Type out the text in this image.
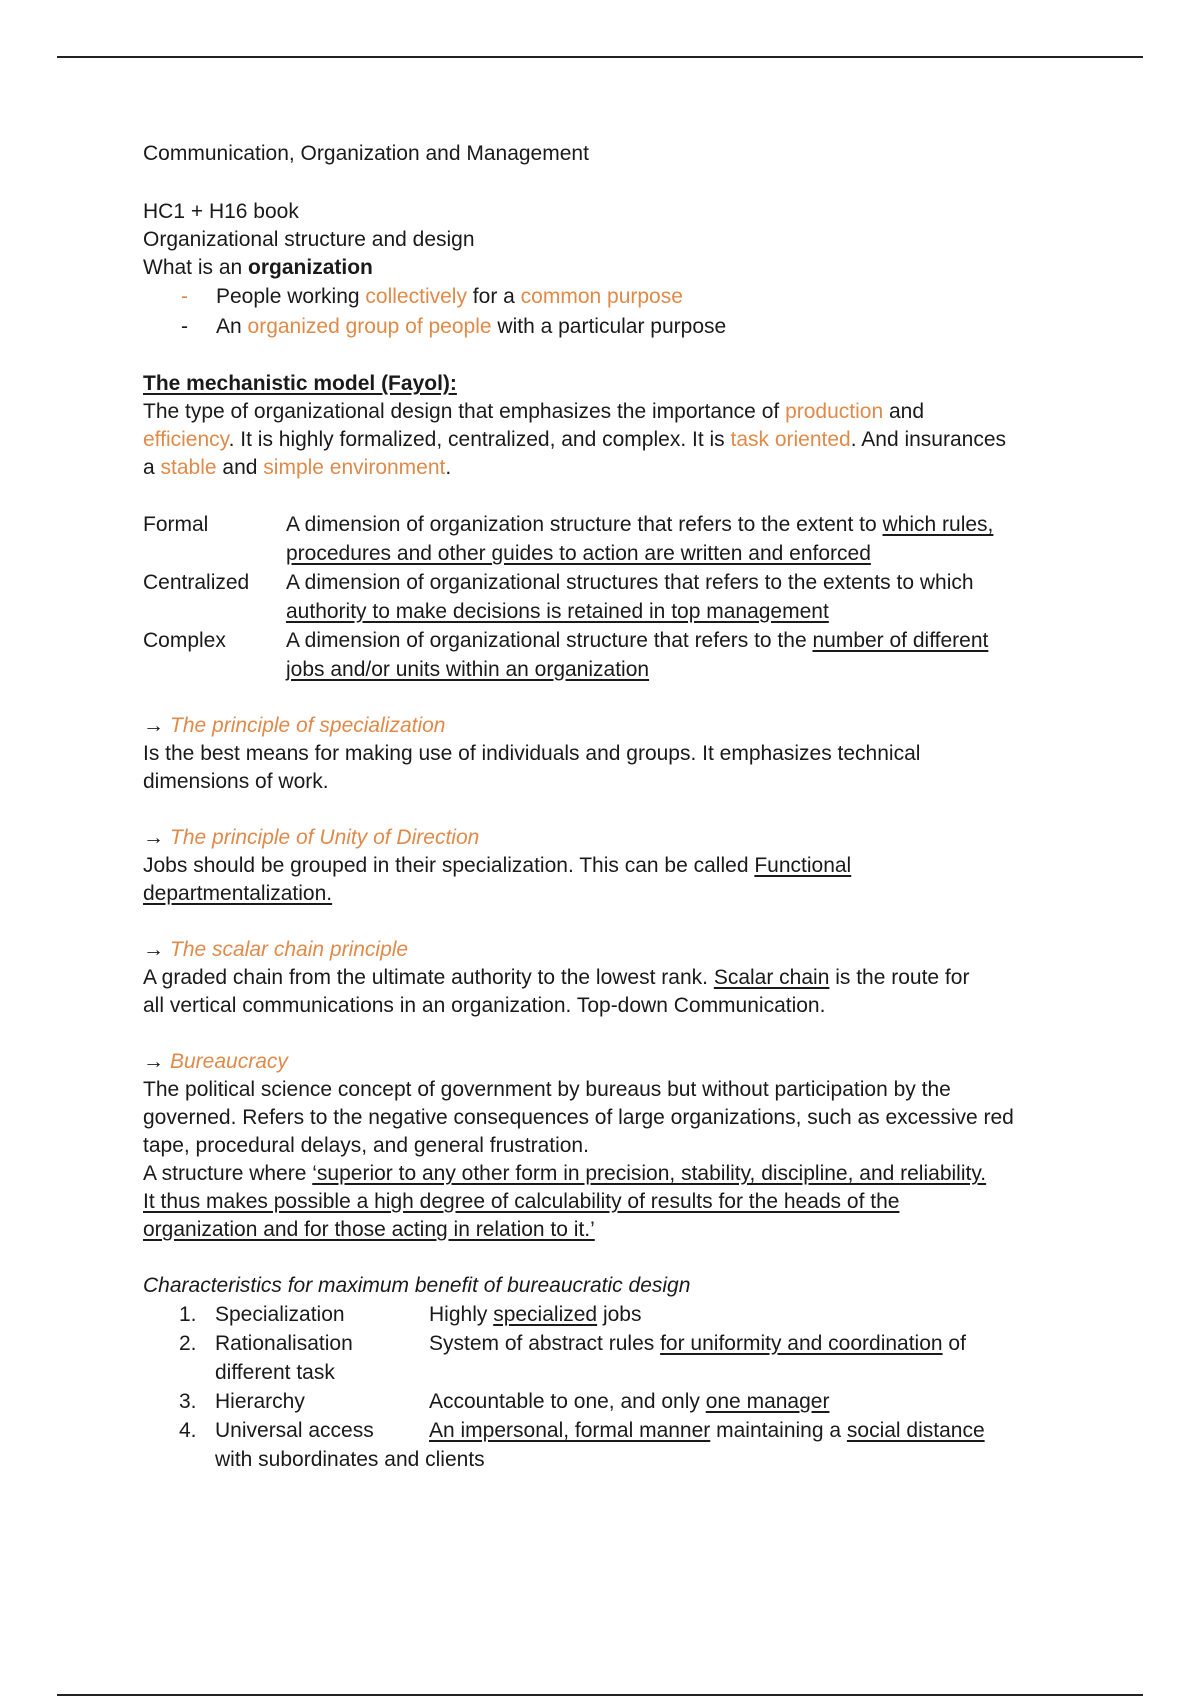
Communication, Organization and Management
HC1 + H16 book
Organizational structure and design
What is an organization
-	People working collectively for a common purpose
-	An organized group of people with a particular purpose
The mechanistic model (Fayol):
The type of organizational design that emphasizes the importance of production and
efficiency. It is highly formalized, centralized, and complex. It is task oriented. And insurances
a stable and simple environment.
Formal	A dimension of organization structure that refers to the extent to which rules,
procedures and other guides to action are written and enforced
Centralized	A dimension of organizational structures that refers to the extents to which
authority to make decisions is retained in top management
Complex	A dimension of organizational structure that refers to the number of different
jobs and/or units within an organization
→ The principle of specialization
Is the best means for making use of individuals and groups. It emphasizes technical
dimensions of work.
→ The principle of Unity of Direction
Jobs should be grouped in their specialization. This can be called Functional
departmentalization.
→ The scalar chain principle
A graded chain from the ultimate authority to the lowest rank. Scalar chain is the route for
all vertical communications in an organization. Top-down Communication.
→ Bureaucracy
The political science concept of government by bureaus but without participation by the
governed. Refers to the negative consequences of large organizations, such as excessive red
tape, procedural delays, and general frustration.
A structure where ‘superior to any other form in precision, stability, discipline, and reliability.
It thus makes possible a high degree of calculability of results for the heads of the
organization and for those acting in relation to it.’
Characteristics for maximum benefit of bureaucratic design
1. Specialization	Highly specialized jobs
2. Rationalisation	System of abstract rules for uniformity and coordination of
different task
3. Hierarchy	Accountable to one, and only one manager
4. Universal access	An impersonal, formal manner maintaining a social distance
with subordinates and clients
